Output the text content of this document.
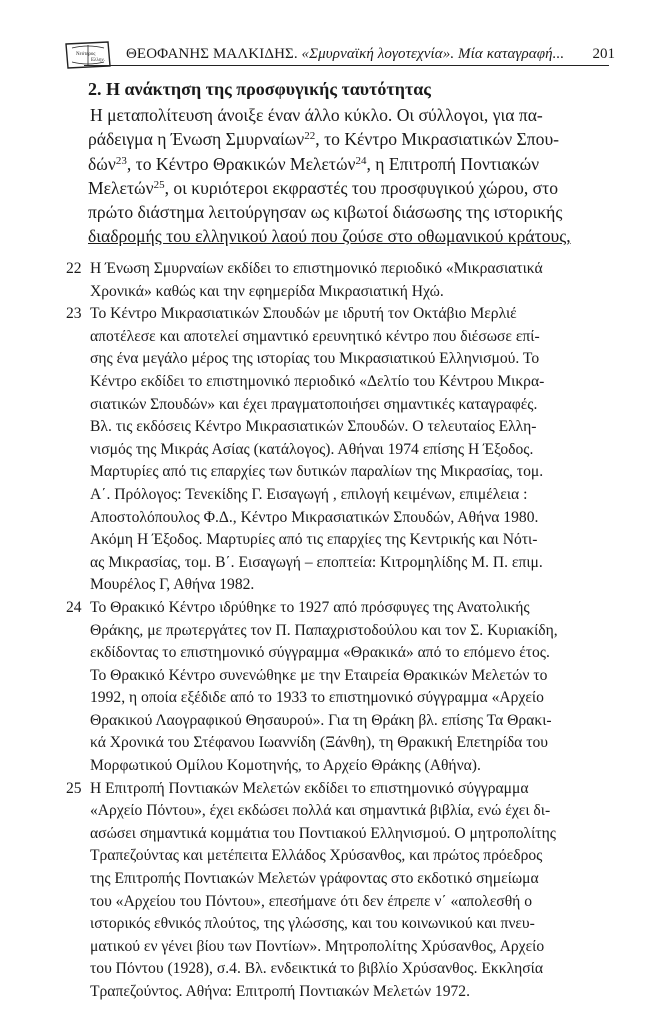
Νεότερος
Ελλην. ΘΕΟΦΑΝΗΣ ΜΑΛΚΙΔΗΣ. «Σμυρναϊκή λογοτεχνία». Μία καταγραφή... 201
2. Η ανάκτηση της προσφυγικής ταυτότητας
Η μεταπολίτευση άνοιξε έναν άλλο κύκλο. Οι σύλλογοι, για πα-
ράδειγμα η Ένωση Σμυρναίων$^{22}$, το Κέντρο Μικρασιατικών Σπου-
δών$^{23}$, το Κέντρο Θρακικών Μελετών$^{24}$, η Επιτροπή Ποντιακών
Μελετών$^{25}$, οι κυριότεροι εκφραστές του προσφυγικού χώρου, στο
πρώτο διάστημα λειτούργησαν ως κιβωτοί διάσωσης της ιστορικής
διαδρομής του ελληνικού λαού που ζούσε στο οθωμανικού κράτους,
22 Η Ένωση Σμυρναίων εκδίδει το επιστημονικό περιοδικό «Μικρασιατικά
Χρονικά» καθώς και την εφημερίδα Μικρασιατική Ηχώ.
23 Το Κέντρο Μικρασιατικών Σπουδών με ιδρυτή τον Οκτάβιο Μερλιέ
αποτέλεσε και αποτελεί σημαντικό ερευνητικό κέντρο που διέσωσε επί-
σης ένα μεγάλο μέρος της ιστορίας του Μικρασιατικού Ελληνισμού. Το
Κέντρο εκδίδει το επιστημονικό περιοδικό «Δελτίο του Κέντρου Μικρα-
σιατικών Σπουδών» και έχει πραγματοποιήσει σημαντικές καταγραφές.
Βλ. τις εκδόσεις Κέντρο Μικρασιατικών Σπουδών. Ο τελευταίος Ελλη-
νισμός της Μικράς Ασίας (κατάλογος). Αθήναι 1974 επίσης Η Έξοδος.
Μαρτυρίες από τις επαρχίες των δυτικών παραλίων της Μικρασίας, τομ.
Α΄. Πρόλογος: Τενεκίδης Γ. Εισαγωγή , επιλογή κειμένων, επιμέλεια :
Αποστολόπουλος Φ.Δ., Κέντρο Μικρασιατικών Σπουδών, Αθήνα 1980.
Ακόμη Η Έξοδος. Μαρτυρίες από τις επαρχίες της Κεντρικής και Νότι-
ας Μικρασίας, τομ. Β΄. Εισαγωγή – εποπτεία: Κιτρομηλίδης Μ. Π. επιμ.
Μουρέλος Γ, Αθήνα 1982.
24 Το Θρακικό Κέντρο ιδρύθηκε το 1927 από πρόσφυγες της Ανατολικής
Θράκης, με πρωτεργάτες τον Π. Παπαχριστοδούλου και τον Σ. Κυριακίδη,
εκδίδοντας το επιστημονικό σύγγραμμα «Θρακικά» από το επόμενο έτος.
Το Θρακικό Κέντρο συνενώθηκε με την Εταιρεία Θρακικών Μελετών το
1992, η οποία εξέδιδε από το 1933 το επιστημονικό σύγγραμμα «Αρχείο
Θρακικού Λαογραφικού Θησαυρού». Για τη Θράκη βλ. επίσης Τα Θρακι-
κά Χρονικά του Στέφανου Ιωαννίδη (Ξάνθη), τη Θρακική Επετηρίδα του
Μορφωτικού Ομίλου Κομοτηνής, το Αρχείο Θράκης (Αθήνα).
25 Η Επιτροπή Ποντιακών Μελετών εκδίδει το επιστημονικό σύγγραμμα
«Αρχείο Πόντου», έχει εκδώσει πολλά και σημαντικά βιβλία, ενώ έχει δι-
ασώσει σημαντικά κομμάτια του Ποντιακού Ελληνισμού. Ο μητροπολίτης
Τραπεζούντας και μετέπειτα Ελλάδος Χρύσανθος, και πρώτος πρόεδρος
της Επιτροπής Ποντιακών Μελετών γράφοντας στο εκδοτικό σημείωμα
του «Αρχείου του Πόντου», επεσήμανε ότι δεν έπρεπε ν΄ «απολεσθή ο
ιστορικός εθνικός πλούτος, της γλώσσης, και του κοινωνικού και πνευ-
ματικού εν γένει βίου των Ποντίων». Μητροπολίτης Χρύσανθος, Αρχείο
του Πόντου (1928), σ.4. Βλ. ενδεικτικά το βιβλίο Χρύσανθος. Εκκλησία
Τραπεζούντος. Αθήνα: Επιτροπή Ποντιακών Μελετών 1972.
